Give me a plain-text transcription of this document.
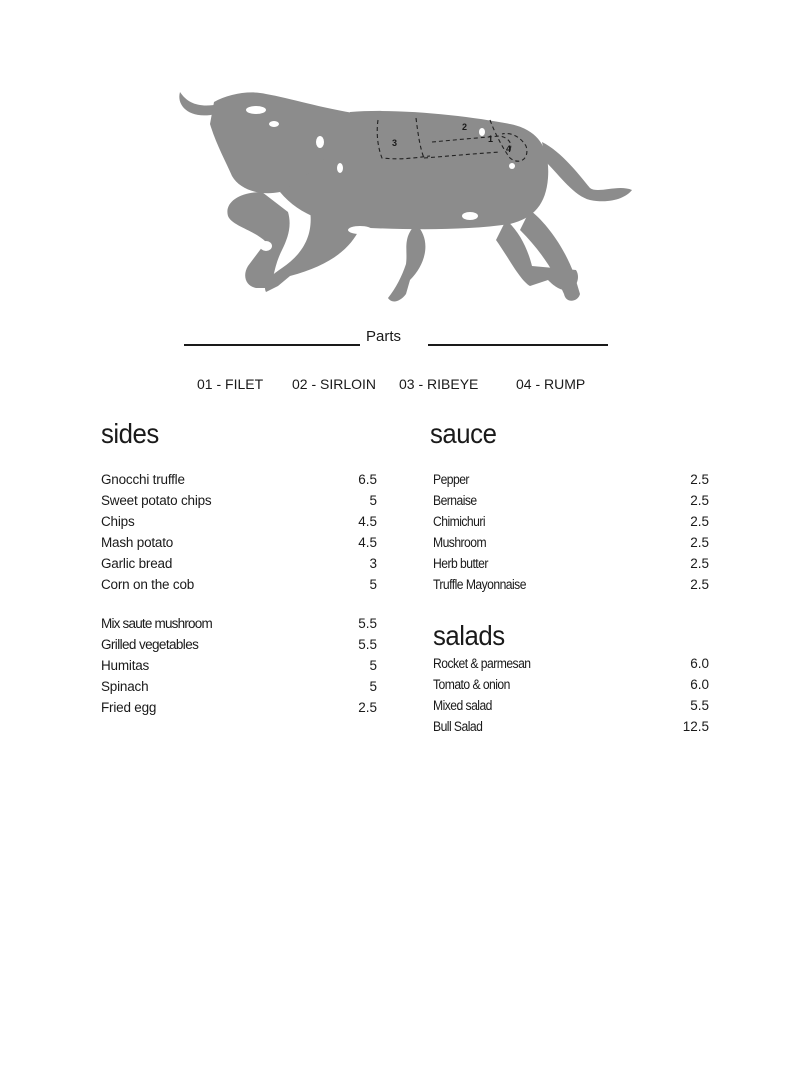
1
2
3
4
Parts
01 - FILET 02 - SIRLOIN 03 - RIBEYE	04 - RUMP
sides
Gnocchi truffle	6.5
Sweet potato chips	5
Chips	4.5
Mash potato	4.5
Garlic bread	3
Corn on the cob	5
Mix saute mushroom	5.5
Grilled vegetables	5.5
Humitas	5
Spinach	5
Fried egg	2.5
sauce
Pepper	2.5
Bernaise	2.5
Chimichuri	2.5
Mushroom	2.5
Herb butter	2.5
Truffle Mayonnaise	2.5
salads
Rocket & parmesan	6.0
Tomato & onion	6.0
Mixed salad	5.5
Bull Salad	12.5
